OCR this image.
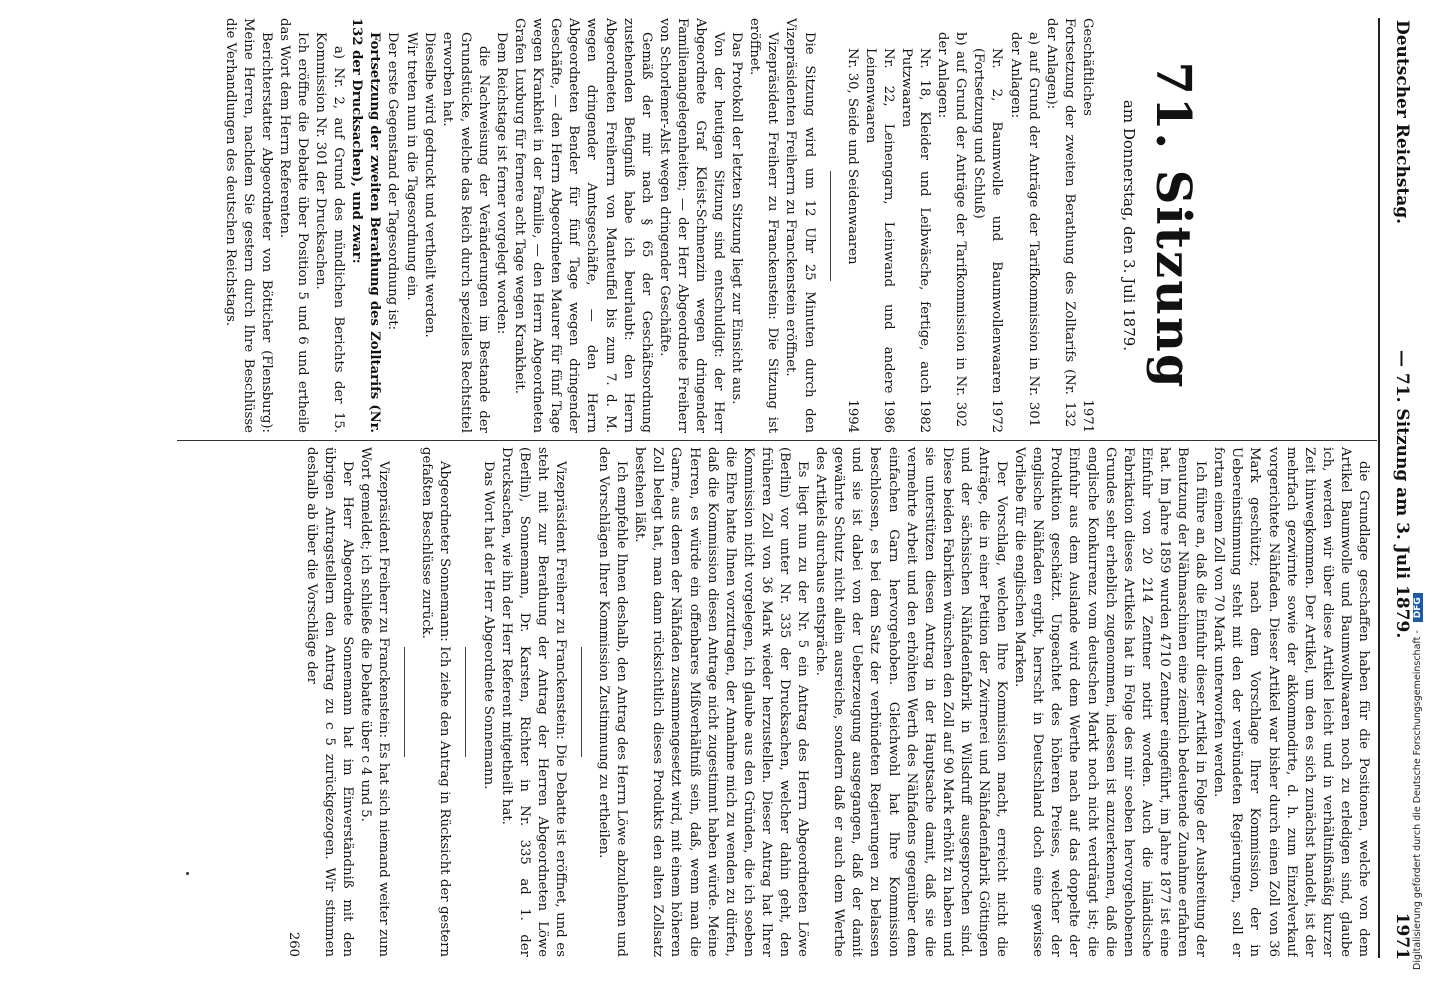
Deutscher Reichstag.
— 71. Sitzung am 3. Juli 1879.
1971
71. Sitzung
am Donnerstag, den 3. Juli 1879.
Geschäftliches
1971
Fortsetzung der zweiten Berathung des Zolltarifs (Nr. 132 der Anlagen):
a) auf Grund der Anträge der Tarifkommission in Nr. 301 der Anlagen:
Nr. 2, Baumwolle und Baumwollenwaaren (Fortsetzung und Schluß)
1972
b) auf Grund der Anträge der Tarifkommission in Nr. 302 der Anlagen:
Nr. 18, Kleider und Leibwäsche, fertige, auch Putzwaaren
1982
Nr. 22, Leinengarn, Leinwand und andere Leinenwaaren
1986
Nr. 30, Seide und Seidenwaaren
1994

Die Sitzung wird um 12 Uhr 25 Minuten durch den Vizepräsidenten Freiherrn zu Franckenstein eröffnet.

Vizepräsident Freiherr zu Franckenstein: Die Sitzung ist eröffnet.

Das Protokoll der letzten Sitzung liegt zur Einsicht aus.

Von der heutigen Sitzung sind entschuldigt: der Herr Abgeordnete Graf Kleist-Schmenzin wegen dringender Familienangelegenheiten; — der Herr Abgeordnete Freiherr von Schorlemer-Alst wegen dringender Geschäfte.

Gemäß der mir nach § 65 der Geschäftsordnung zustehenden Befugniß habe ich beurlaubt: den Herrn Abgeordneten Freiherrn von Manteuffel bis zum 7. d. M. wegen dringender Amtsgeschäfte, — den Herrn Abgeordneten Bender für fünf Tage wegen dringender Geschäfte, — den Herrn Abgeordneten Maurer für fünf Tage wegen Krankheit in der Familie, — den Herrn Abgeordneten Grafen Luxburg für fernere acht Tage wegen Krankheit.

Dem Reichstage ist ferner vorgelegt worden:

die Nachweisung der Veränderungen im Bestande der Grundstücke, welche das Reich durch spezielles Rechtstitel erworben hat.

Dieselbe wird gedruckt und vertheilt werden.

Wir treten nun in die Tagesordnung ein.

Der erste Gegenstand der Tagesordnung ist:

Fortsetzung der zweiten Berathung des Zolltarifs (Nr. 132 der Drucksachen), und zwar:

a) Nr. 2, auf Grund des mündlichen Berichts der 15. Kommission Nr. 301 der Drucksachen.

Ich eröffne die Debatte über Position 5 und 6 und ertheile das Wort dem Herrn Referenten.

Berichterstatter Abgeordneter von Bötticher (Flensburg): Meine Herren, nachdem Sie gestern durch Ihre Beschlüsse die Verhandlungen des deutschen Reichstags.

die Grundlage geschaffen haben für die Positionen, welche von dem Artikel Baumwolle und Baumwollwaaren noch zu erledigen sind, glaube ich, werden wir über diese Artikel leicht und in verhältnißmäßig kurzer Zeit hinwegkommen. Der Artikel, um den es sich zunächst handelt, ist der mehrfach gezwirnte sowie der akkommodirte, d. h. zum Einzelverkauf vorgerichtete Nähfaden. Dieser Artikel war bisher durch einen Zoll von 36 Mark geschützt; nach dem Vorschlage Ihrer Kommission, der in Uebereinstimmung steht mit den der verbündeten Regierungen, soll er fortan einem Zoll von 70 Mark unterworfen werden.

Ich führe an, daß die Einfuhr dieser Artikel in Folge der Ausbreitung der Benutzung der Nähmaschinen eine ziemlich bedeutende Zunahme erfahren hat. Im Jahre 1859 wurden 4710 Zentner eingeführt, im Jahre 1877 ist eine Einfuhr von 20 214 Zentner notirt worden. Auch die inländische Fabrikation dieses Artikels hat in Folge des mir soeben hervorgehobenen Grundes sehr erheblich zugenommen, indessen ist anzuerkennen, daß die englische Konkurrenz vom deutschen Markt noch nicht verdrängt ist; die Einfuhr aus dem Auslande wird dem Werthe nach auf das doppelte der Produktion geschätzt. Ungeachtet des höheren Preises, welcher der englische Nähfaden ergibt, herrscht in Deutschland doch eine gewisse Vorliebe für die englischen Marken.

Der Vorschlag, welchen Ihre Kommission macht, erreicht nicht die Anträge, die in einer Petition der Zwirnerei und Nähfadenfabrik Göttingen und der sächsischen Nähfadenfabrik in Wilsdruff ausgesprochen sind. Diese beiden Fabriken wünschen den Zoll auf 90 Mark erhöht zu haben und sie unterstützen diesen Antrag in der Hauptsache damit, daß sie die vermehrte Arbeit und den erhöhten Werth des Nähfadens gegenüber dem einfachen Garn hervorgehoben. Gleichwohl hat Ihre Kommission beschlossen, es bei dem Satz der verbündeten Regierungen zu belassen und sie ist dabei von der Ueberzeugung ausgegangen, daß der damit gewährte Schutz nicht allein ausreiche, sondern daß er auch dem Werthe des Artikels durchaus entspräche.

Es liegt nun zu der Nr. 5 ein Antrag des Herrn Abgeordneten Löwe (Berlin) vor unter Nr. 335 der Drucksachen, welcher dahin geht, den früheren Zoll von 36 Mark wieder herzustellen. Dieser Antrag hat Ihrer Kommission nicht vorgelegen, ich glaube aus den Gründen, die ich soeben die Ehre hatte Ihnen vorzutragen, der Annahme mich zu wenden zu dürfen, daß die Kommission diesen Antrage nicht zugestimmt haben würde. Meine Herren, es würde ein offenbares Mißverhältniß sein, daß, wenn man die Garne, aus denen der Nähfaden zusammengesetzt wird, mit einem höheren Zoll belegt hat, man dann rücksichtlich dieses Produkts den alten Zollsatz bestehen läßt.

Ich empfehle Ihnen deshalb, den Antrag des Herrn Löwe abzulehnen und den Vorschlägen Ihrer Kommission Zustimmung zu ertheilen.

Vizepräsident Freiherr zu Franckenstein: Die Debatte ist eröffnet, und es steht mit zur Berathung der Antrag der Herren Abgeordneten Löwe (Berlin), Sonnemann, Dr. Karsten, Richter in Nr. 335 ad 1. der Drucksachen, wie ihn der Herr Referent mitgetheilt hat.

Das Wort hat der Herr Abgeordnete Sonnemann.

Abgeordneter Sonnemann: Ich ziehe den Antrag in Rücksicht der gestern gefaßten Beschlüsse zurück.

Vizepräsident Freiherr zu Franckenstein: Es hat sich niemand weiter zum Wort gemeldet; ich schließe die Debatte über c 4 und 5.

Der Herr Abgeordnete Sonnemann hat im Einverständniß mit den übrigen Antragstellern den Antrag zu c 5 zurückgezogen. Wir stimmen deshalb ab über die Vorschläge der

260	Digitalisierung gefördert durch die Deutsche Forschungsgemeinschaft -DFG
